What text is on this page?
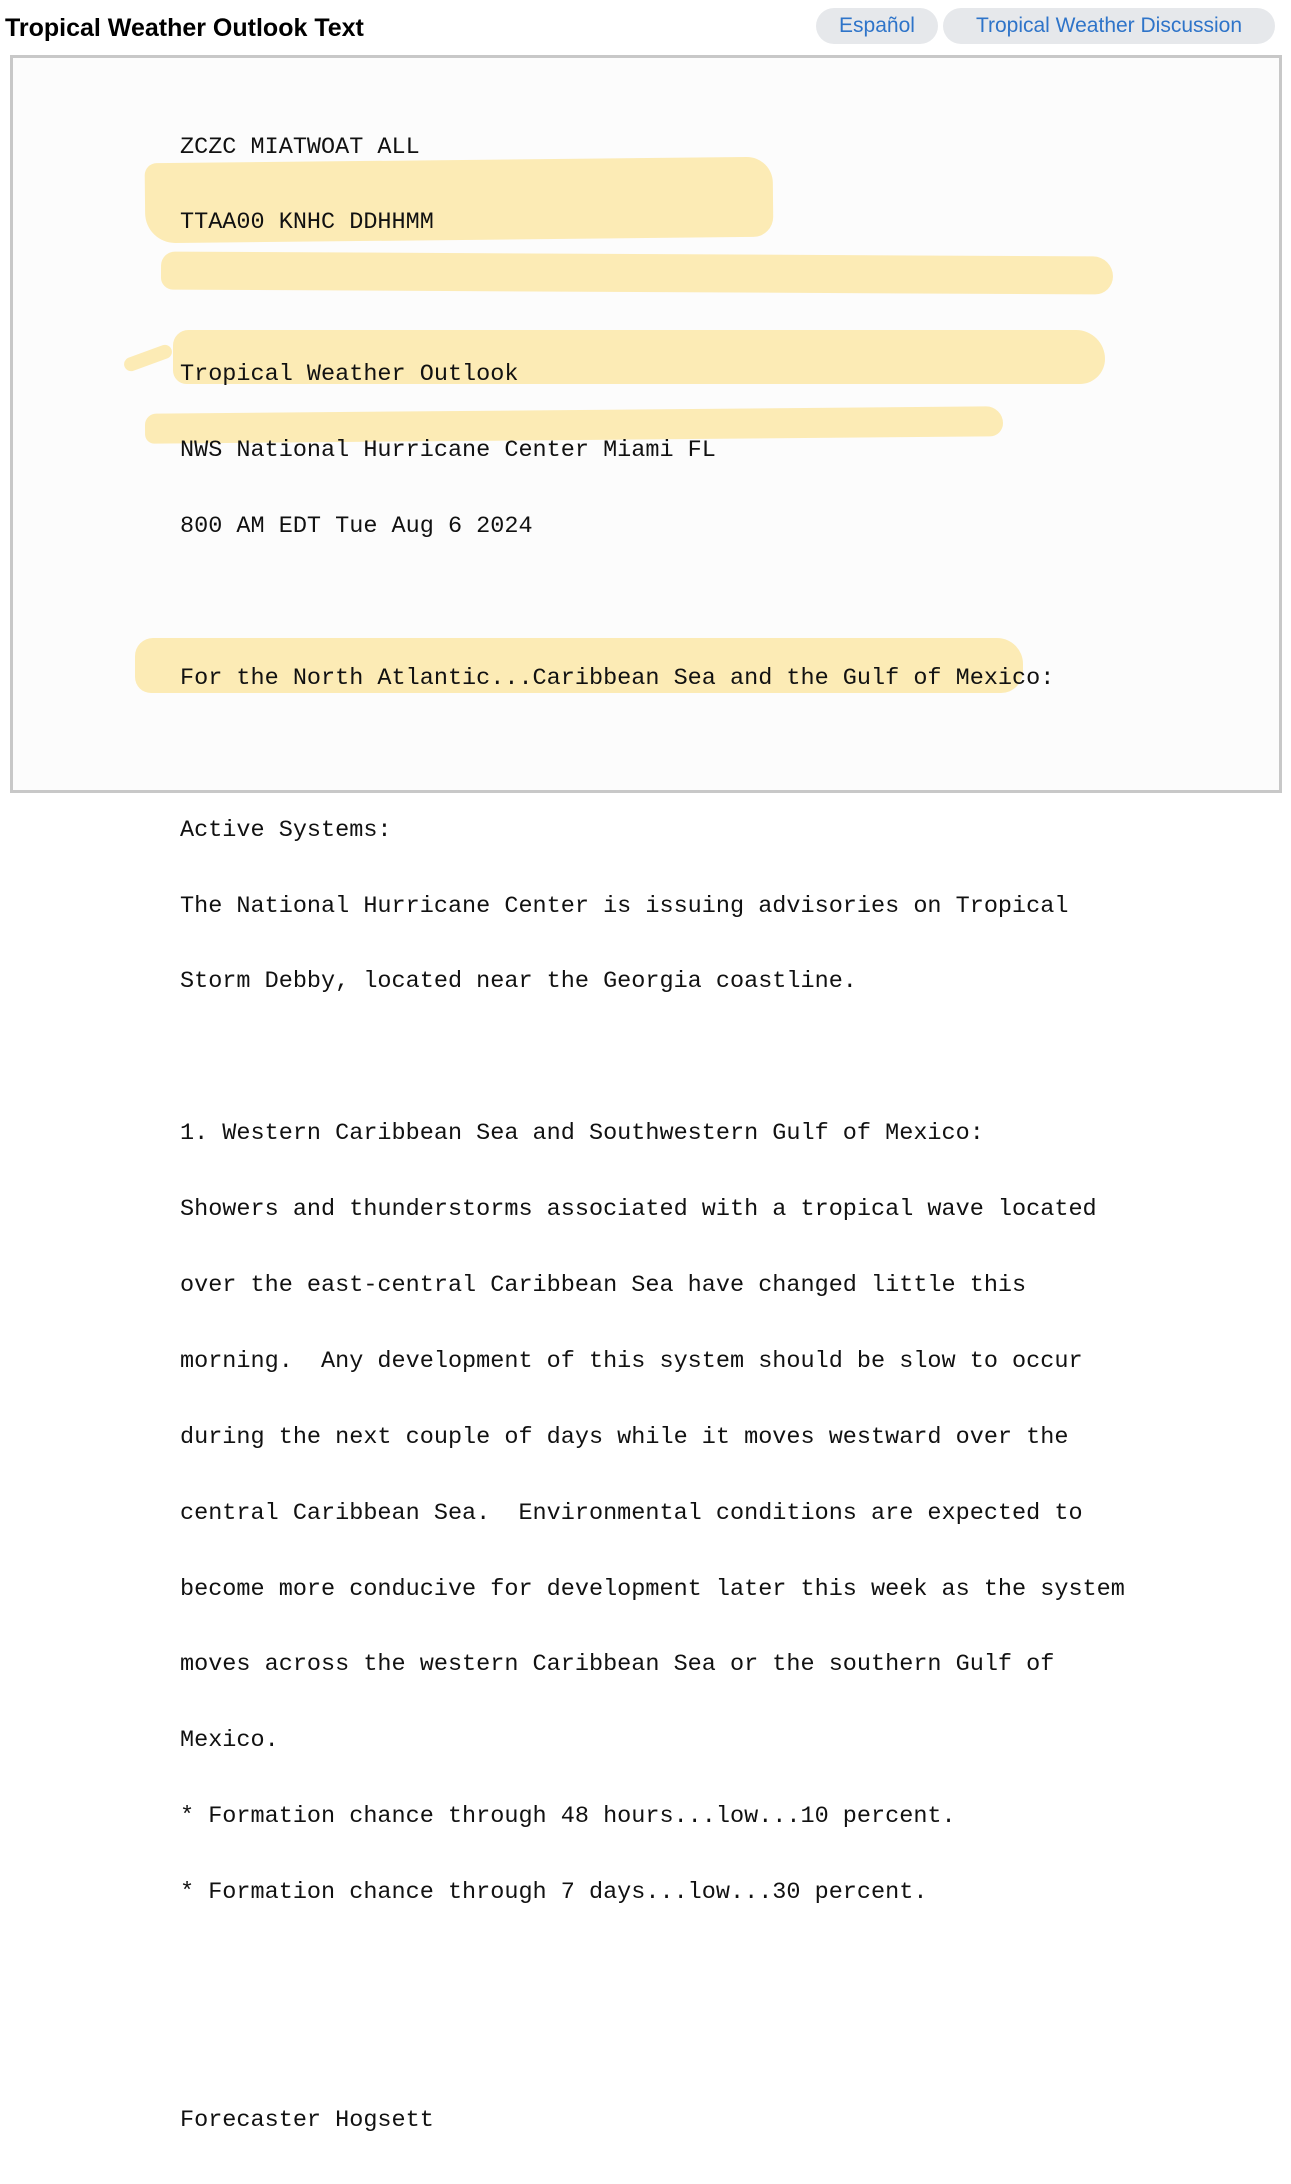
Tropical Weather Outlook Text	Español	Tropical Weather Discussion

ZCZC MIATWOAT ALL

TTAA00 KNHC DDHHMM

Tropical Weather Outlook

NWS National Hurricane Center Miami FL

800 AM EDT Tue Aug 6 2024

For the North Atlantic...Caribbean Sea and the Gulf of Mexico:

Active Systems:

The National Hurricane Center is issuing advisories on Tropical

Storm Debby, located near the Georgia coastline.

1. Western Caribbean Sea and Southwestern Gulf of Mexico:

Showers and thunderstorms associated with a tropical wave located

over the east-central Caribbean Sea have changed little this

morning.  Any development of this system should be slow to occur

during the next couple of days while it moves westward over the

central Caribbean Sea.  Environmental conditions are expected to

become more conducive for development later this week as the system

moves across the western Caribbean Sea or the southern Gulf of

Mexico.

* Formation chance through 48 hours...low...10 percent.

* Formation chance through 7 days...low...30 percent.

Forecaster Hogsett
